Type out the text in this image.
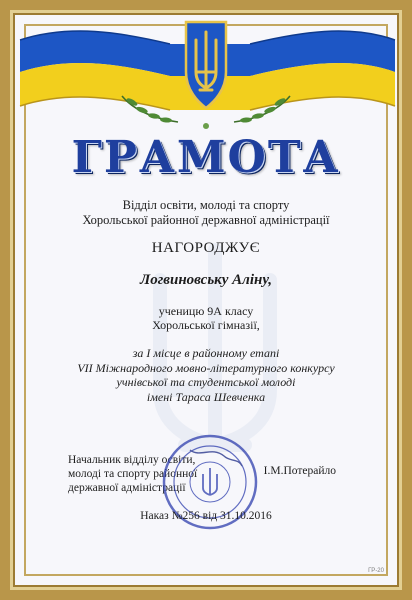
ГРАМОТА
Відділ освіти, молоді та спорту
Хорольської районної державної адміністрації
НАГОРОДЖУЄ
Логвиновську Аліну,
ученицю 9А класу
Хорольської гімназії,
за І місце в районному етапі
VII Міжнародного мовно-літературного конкурсу
учнівської та студентської молоді
імені Тараса Шевченка
Начальник відділу освіти,
молоді та спорту районної
державної адміністрації
І.М.Потерайло
Наказ №256 від 31.10.2016
ГР-20
